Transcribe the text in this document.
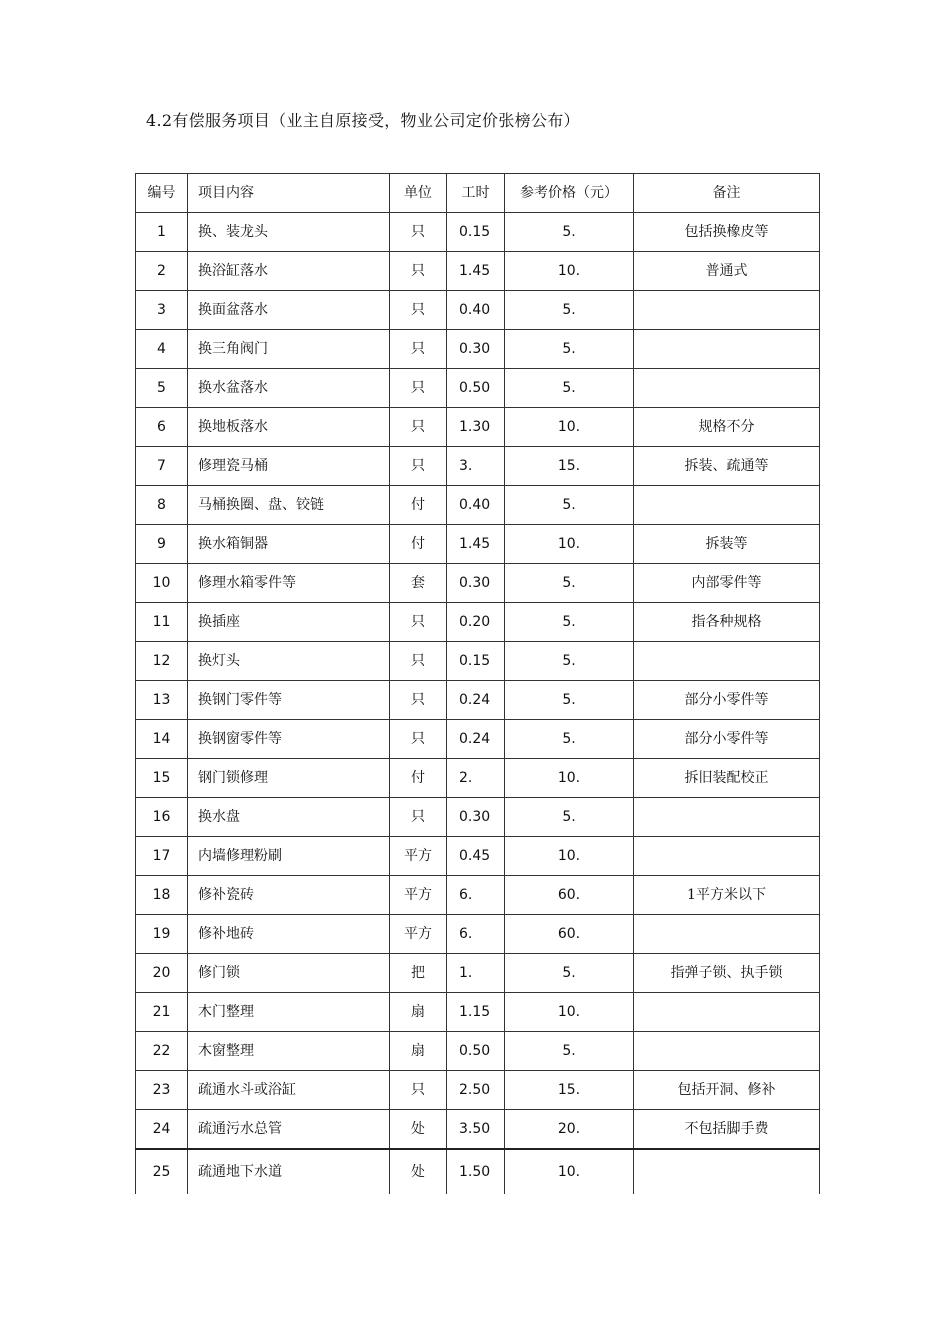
4.2有偿服务项目（业主自原接受，物业公司定价张榜公布）
编号	项目内容	单位	工时	参考价格（元）	备注
1	换、装龙头	只	0.15	5.	包括换橡皮等
2	换浴缸落水	只	1.45	10.	普通式
3	换面盆落水	只	0.40	5.	
4	换三角阀门	只	0.30	5.	
5	换水盆落水	只	0.50	5.	
6	换地板落水	只	1.30	10.	规格不分
7	修理瓷马桶	只	3.	15.	拆装、疏通等
8	马桶换圈、盘、铰链	付	0.40	5.	
9	换水箱铜器	付	1.45	10.	拆装等
10	修理水箱零件等	套	0.30	5.	内部零件等
11	换插座	只	0.20	5.	指各种规格
12	换灯头	只	0.15	5.	
13	换钢门零件等	只	0.24	5.	部分小零件等
14	换钢窗零件等	只	0.24	5.	部分小零件等
15	钢门锁修理	付	2.	10.	拆旧装配校正
16	换水盘	只	0.30	5.	
17	内墙修理粉刷	平方	0.45	10.	
18	修补瓷砖	平方	6.	60.	1平方米以下
19	修补地砖	平方	6.	60.	
20	修门锁	把	1.	5.	指弹子锁、执手锁
21	木门整理	扇	1.15	10.	
22	木窗整理	扇	0.50	5.	
23	疏通水斗或浴缸	只	2.50	15.	包括开洞、修补
24	疏通污水总管	处	3.50	20.	不包括脚手费
25	疏通地下水道	处	1.50	10.	
